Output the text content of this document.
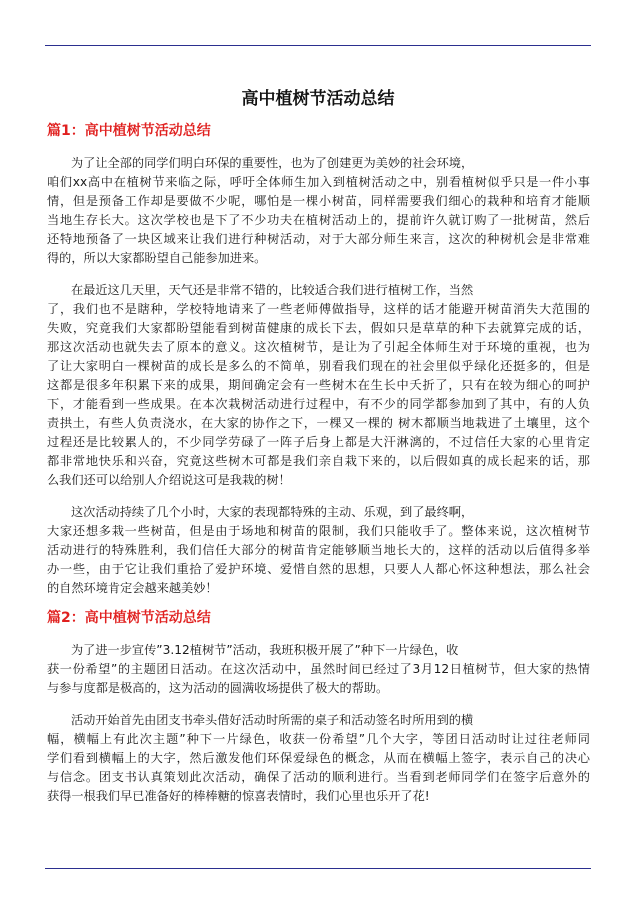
高中植树节活动总结
篇1：高中植树节活动总结
为了让全部的同学们明白环保的重要性，也为了创建更为美妙的社会环境，
咱们xx高中在植树节来临之际，呼吁全体师生加入到植树活动之中，别看植树似乎只是一件小事
情，但是预备工作却是要做不少呢，哪怕是一棵小树苗，同样需要我们细心的栽种和培育才能顺
当地生存长大。这次学校也是下了不少功夫在植树活动上的，提前许久就订购了一批树苗，然后
还特地预备了一块区域来让我们进行种树活动，对于大部分师生来言，这次的种树机会是非常难
得的，所以大家都盼望自己能参加进来。
在最近这几天里，天气还是非常不错的，比较适合我们进行植树工作，当然
了，我们也不是瞎种，学校特地请来了一些老师傅做指导，这样的话才能避开树苗消失大范围的
失败，究竟我们大家都盼望能看到树苗健康的成长下去，假如只是草草的种下去就算完成的话，
那这次活动也就失去了原本的意义。这次植树节，是让为了引起全体师生对于环境的重视，也为
了让大家明白一棵树苗的成长是多么的不简单，别看我们现在的社会里似乎绿化还挺多的，但是
这都是很多年积累下来的成果，期间确定会有一些树木在生长中夭折了，只有在较为细心的呵护
下，才能看到一些成果。在本次栽树活动进行过程中，有不少的同学都参加到了其中，有的人负
责拱土，有些人负责浇水，在大家的协作之下，一棵又一棵的 树木都顺当地栽进了土壤里，这个
过程还是比较累人的，不少同学劳碌了一阵子后身上都是大汗淋漓的，不过信任大家的心里肯定
都非常地快乐和兴奋，究竟这些树木可都是我们亲自栽下来的，以后假如真的成长起来的话，那
么我们还可以给别人介绍说这可是我栽的树！
这次活动持续了几个小时，大家的表现都特殊的主动、乐观，到了最终啊，
大家还想多栽一些树苗，但是由于场地和树苗的限制，我们只能收手了。整体来说，这次植树节
活动进行的特殊胜利，我们信任大部分的树苗肯定能够顺当地长大的，这样的活动以后值得多举
办一些，由于它让我们重拾了爱护环境、爱惜自然的思想，只要人人都心怀这种想法，那么社会
的自然环境肯定会越来越美妙！
篇2：高中植树节活动总结
为了进一步宣传”3.12植树节”活动，我班积极开展了”种下一片绿色，收
获一份希望”的主题团日活动。在这次活动中，虽然时间已经过了3月12日植树节，但大家的热情
与参与度都是极高的，这为活动的圆满收场提供了极大的帮助。
活动开始首先由团支书牵头借好活动时所需的桌子和活动签名时所用到的横
幅，横幅上有此次主题”种下一片绿色，收获一份希望”几个大字，等团日活动时让过往老师同
学们看到横幅上的大字，然后激发他们环保爱绿色的概念，从而在横幅上签字，表示自己的决心
与信念。团支书认真策划此次活动，确保了活动的顺利进行。当看到老师同学们在签字后意外的
获得一根我们早已准备好的棒棒糖的惊喜表情时，我们心里也乐开了花!
